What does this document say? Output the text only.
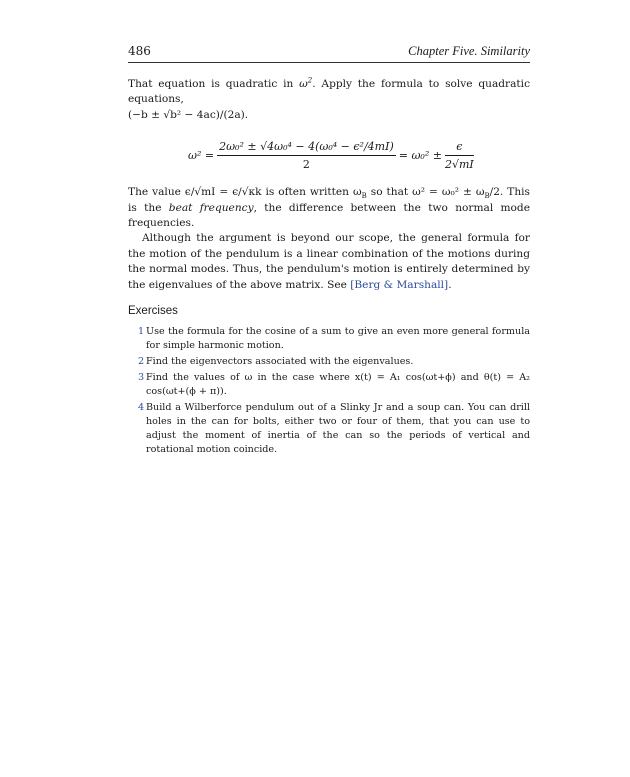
486	Chapter Five. Similarity

That equation is quadratic in $\omega^2$. Apply the formula to solve quadratic equations,
(−b ± √b² − 4ac)/(2a).

$\omega^2 = \frac{\text{2ω₀² ± √4ω₀⁴ − 4(ω₀⁴ − ϵ²/4mI)}}{2} = \omega_0^2 \pm \frac{\epsilon}{2√mI}$

The value ϵ/√mI = ϵ/√κk is often written $\omega_B$ so that $\omega^2 = \omega_0^2 \pm \omega_B/2$. This is the beat frequency, the difference between the two normal mode frequencies.

Although the argument is beyond our scope, the general formula for the motion of the pendulum is a linear combination of the motions during the normal modes. Thus, the pendulum's motion is entirely determined by the eigenvalues of the above matrix. See [Berg & Marshall].

Exercises
1 Use the formula for the cosine of a sum to give an even more general formula for simple harmonic motion.
2 Find the eigenvectors associated with the eigenvalues.
3 Find the values of ω in the case where x(t) = A₁ cos(ωt+ϕ) and θ(t) = A₂ cos(ωt+(ϕ + π)).
4 Build a Wilberforce pendulum out of a Slinky Jr and a soup can. You can drill holes in the can for bolts, either two or four of them, that you can use to adjust the moment of inertia of the can so the periods of vertical and rotational motion coincide.
